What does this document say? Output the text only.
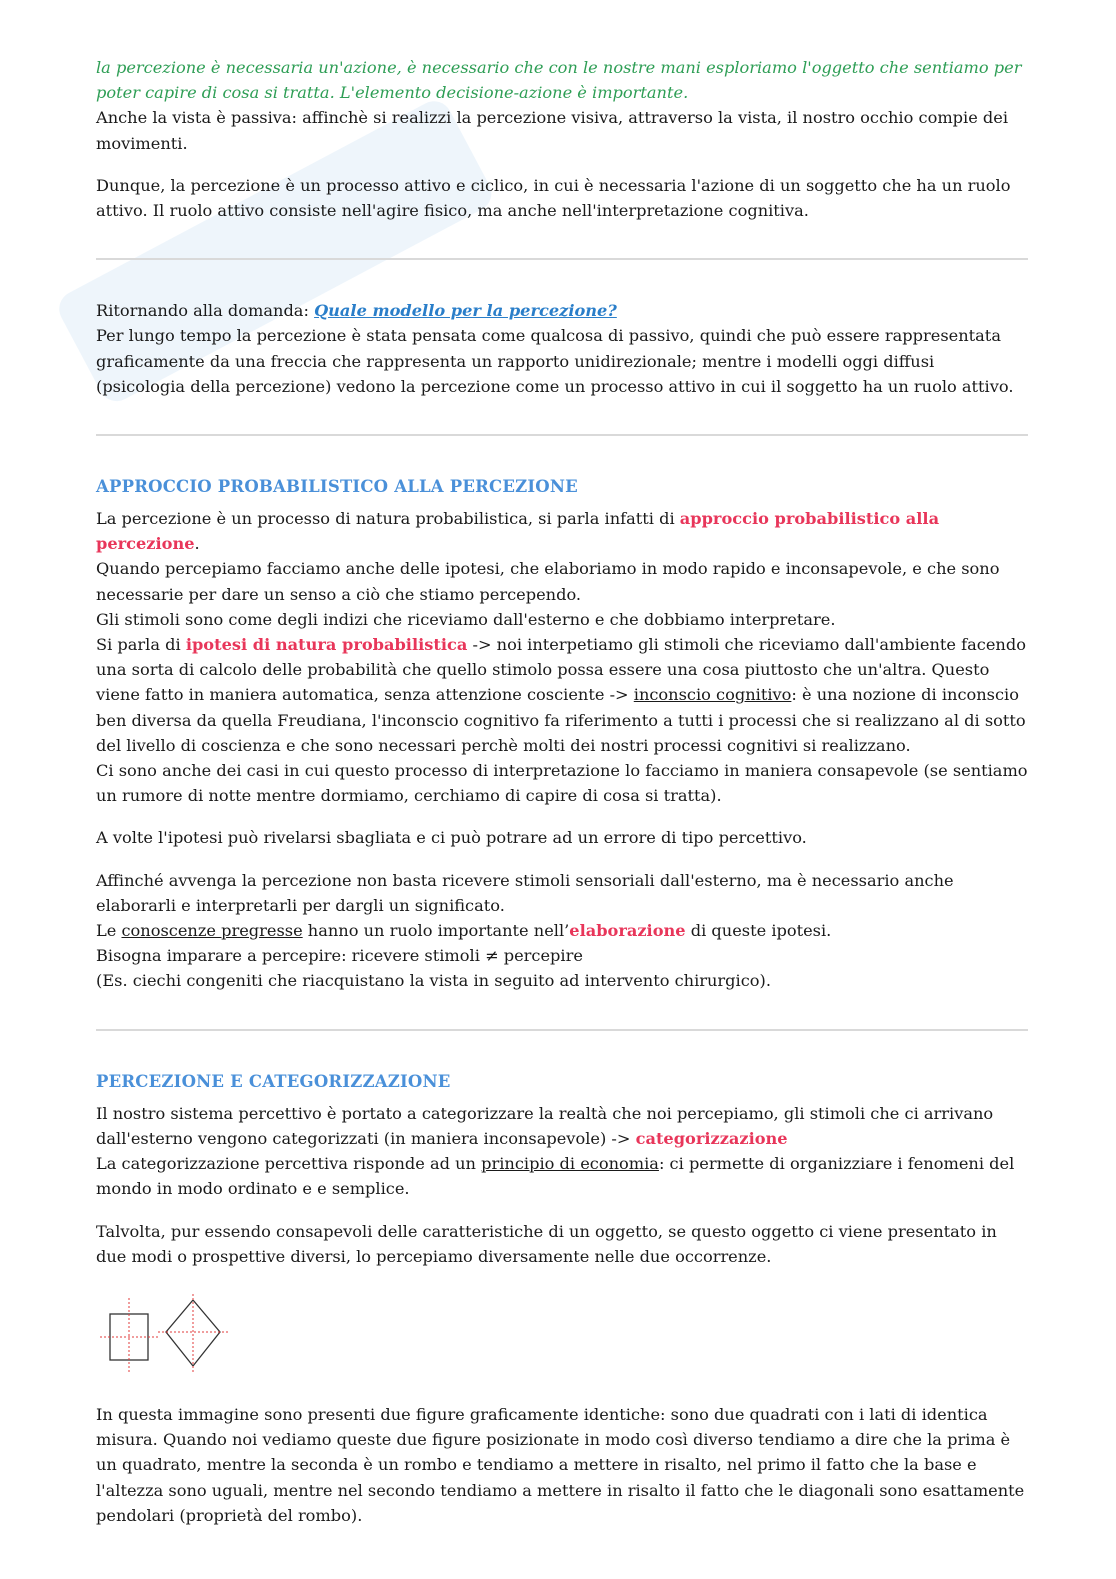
la percezione è necessaria un'azione, è necessario che con le nostre mani esploriamo l'oggetto che sentiamo per poter capire di cosa si tratta. L'elemento decisione-azione è importante.

Anche la vista è passiva: affinchè si realizzi la percezione visiva, attraverso la vista, il nostro occhio compie dei movimenti.

Dunque, la percezione è un processo attivo e ciclico, in cui è necessaria l'azione di un soggetto che ha un ruolo attivo. Il ruolo attivo consiste nell'agire fisico, ma anche nell'interpretazione cognitiva.

Ritornando alla domanda: Quale modello per la percezione?

Per lungo tempo la percezione è stata pensata come qualcosa di passivo, quindi che può essere rappresentata graficamente da una freccia che rappresenta un rapporto unidirezionale; mentre i modelli oggi diffusi (psicologia della percezione) vedono la percezione come un processo attivo in cui il soggetto ha un ruolo attivo.

APPROCCIO PROBABILISTICO ALLA PERCEZIONE

La percezione è un processo di natura probabilistica, si parla infatti di approccio probabilistico alla percezione.

Quando percepiamo facciamo anche delle ipotesi, che elaboriamo in modo rapido e inconsapevole, e che sono necessarie per dare un senso a ciò che stiamo percependo.

Gli stimoli sono come degli indizi che riceviamo dall'esterno e che dobbiamo interpretare.

Si parla di ipotesi di natura probabilistica -> noi interpetiamo gli stimoli che riceviamo dall'ambiente facendo una sorta di calcolo delle probabilità che quello stimolo possa essere una cosa piuttosto che un'altra. Questo viene fatto in maniera automatica, senza attenzione cosciente -> inconscio cognitivo: è una nozione di inconscio ben diversa da quella Freudiana, l'inconscio cognitivo fa riferimento a tutti i processi che si realizzano al di sotto del livello di coscienza e che sono necessari perchè molti dei nostri processi cognitivi si realizzano.

Ci sono anche dei casi in cui questo processo di interpretazione lo facciamo in maniera consapevole (se sentiamo un rumore di notte mentre dormiamo, cerchiamo di capire di cosa si tratta).

A volte l'ipotesi può rivelarsi sbagliata e ci può potrare ad un errore di tipo percettivo.

Affinché avvenga la percezione non basta ricevere stimoli sensoriali dall'esterno, ma è necessario anche elaborarli e interpretarli per dargli un significato.

Le conoscenze pregresse hanno un ruolo importante nell’elaborazione di queste ipotesi.

Bisogna imparare a percepire: ricevere stimoli ≠ percepire

(Es. ciechi congeniti che riacquistano la vista in seguito ad intervento chirurgico).

PERCEZIONE E CATEGORIZZAZIONE

Il nostro sistema percettivo è portato a categorizzare la realtà che noi percepiamo, gli stimoli che ci arrivano dall'esterno vengono categorizzati (in maniera inconsapevole) -> categorizzazione

La categorizzazione percettiva risponde ad un principio di economia: ci permette di organizziare i fenomeni del mondo in modo ordinato e e semplice.

Talvolta, pur essendo consapevoli delle caratteristiche di un oggetto, se questo oggetto ci viene presentato in due modi o prospettive diversi, lo percepiamo diversamente nelle due occorrenze.

In questa immagine sono presenti due figure graficamente identiche: sono due quadrati con i lati di identica misura. Quando noi vediamo queste due figure posizionate in modo così diverso tendiamo a dire che la prima è un quadrato, mentre la seconda è un rombo e tendiamo a mettere in risalto, nel primo il fatto che la base e l'altezza sono uguali, mentre nel secondo tendiamo a mettere in risalto il fatto che le diagonali sono esattamente pendolari (proprietà del rombo).
